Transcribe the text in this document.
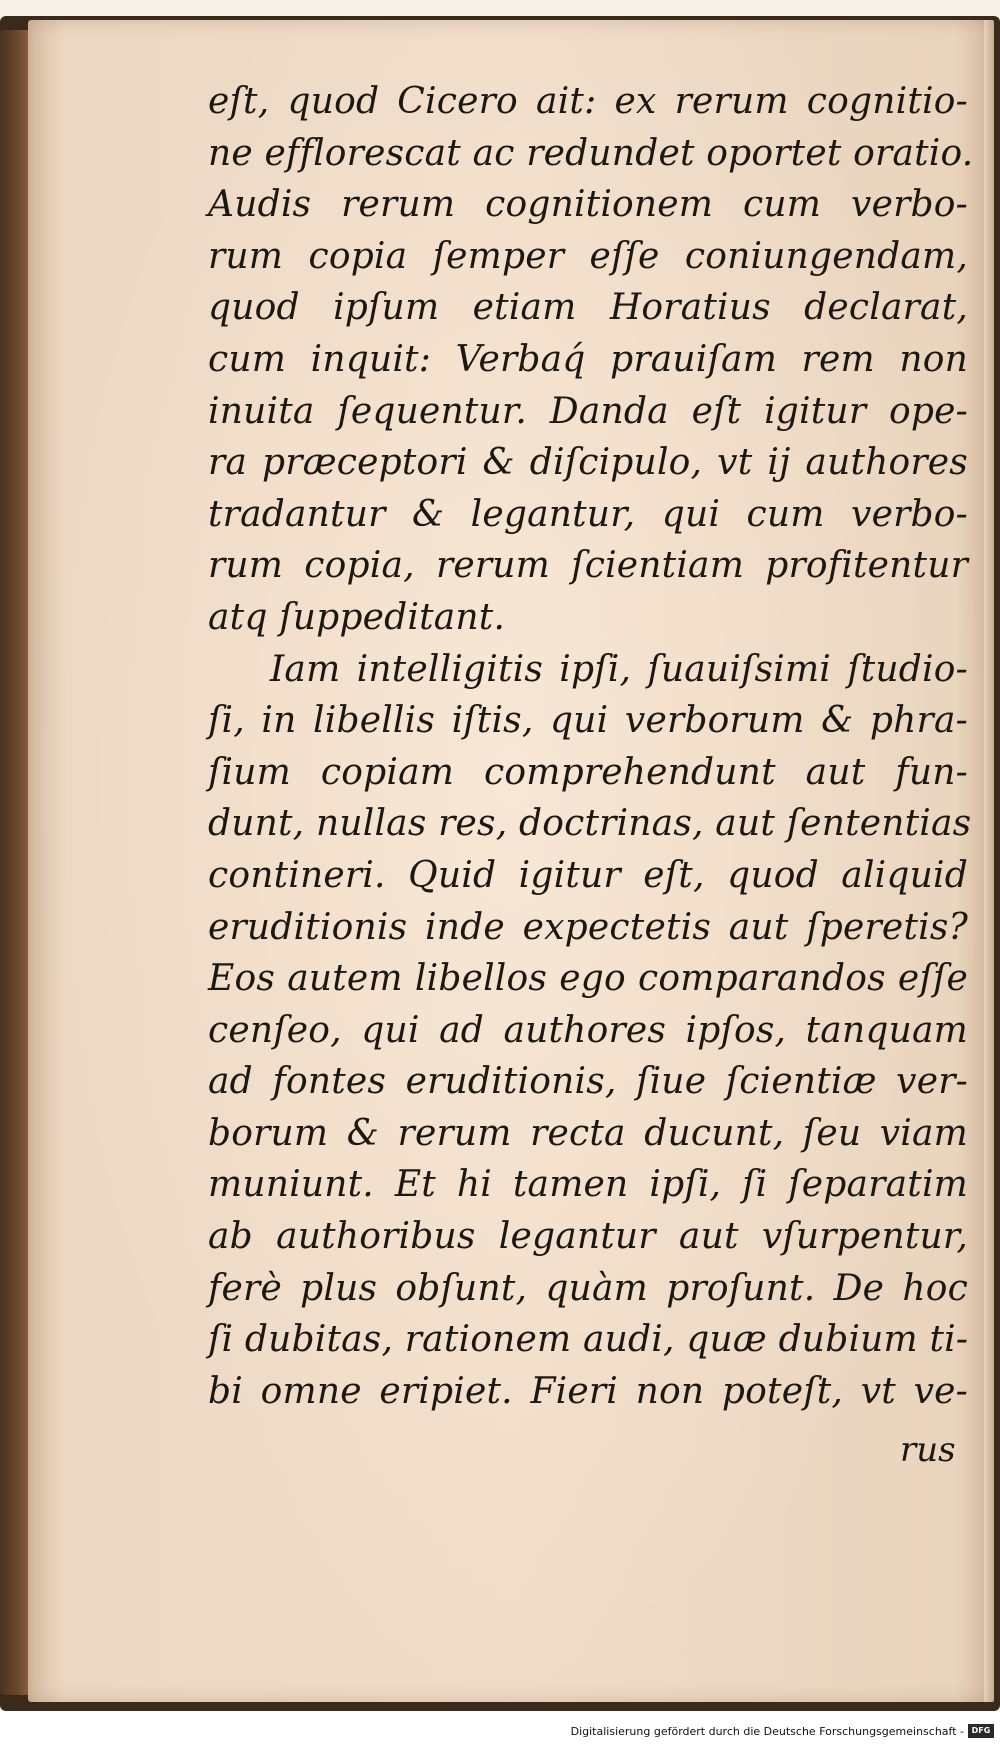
eſt, quod Cicero ait: ex rerum cognitio-
ne efflorescat ac redundet oportet oratio.
Audis rerum cognitionem cum verbo-
rum copia ſemper eſſe coniungendam,
quod ipſum etiam Horatius declarat,
cum inquit: Verbaq́ prauiſam rem non
inuita ſequentur. Danda eſt igitur ope-
ra præceptori & diſcipulo, vt ij authores
tradantur & legantur, qui cum verbo-
rum copia, rerum ſcientiam profitentur
atq ſuppeditant.
Iam intelligitis ipſi, ſuauiſsimi ſtudio-
ſi, in libellis iſtis, qui verborum & phra-
ſium copiam comprehendunt aut fun-
dunt, nullas res, doctrinas, aut ſententias
contineri. Quid igitur eſt, quod aliquid
eruditionis inde expectetis aut ſperetis?
Eos autem libellos ego comparandos eſſe
cenſeo, qui ad authores ipſos, tanquam
ad fontes eruditionis, ſiue ſcientiæ ver-
borum & rerum recta ducunt, ſeu viam
muniunt. Et hi tamen ipſi, ſi ſeparatim
ab authoribus legantur aut vſurpentur,
ferè plus obſunt, quàm proſunt. De hoc
ſi dubitas, rationem audi, quæ dubium ti-
bi omne eripiet. Fieri non poteſt, vt ve-
rus
Digitalisierung gefördert durch die Deutsche Forschungsgemeinschaft - DFG
